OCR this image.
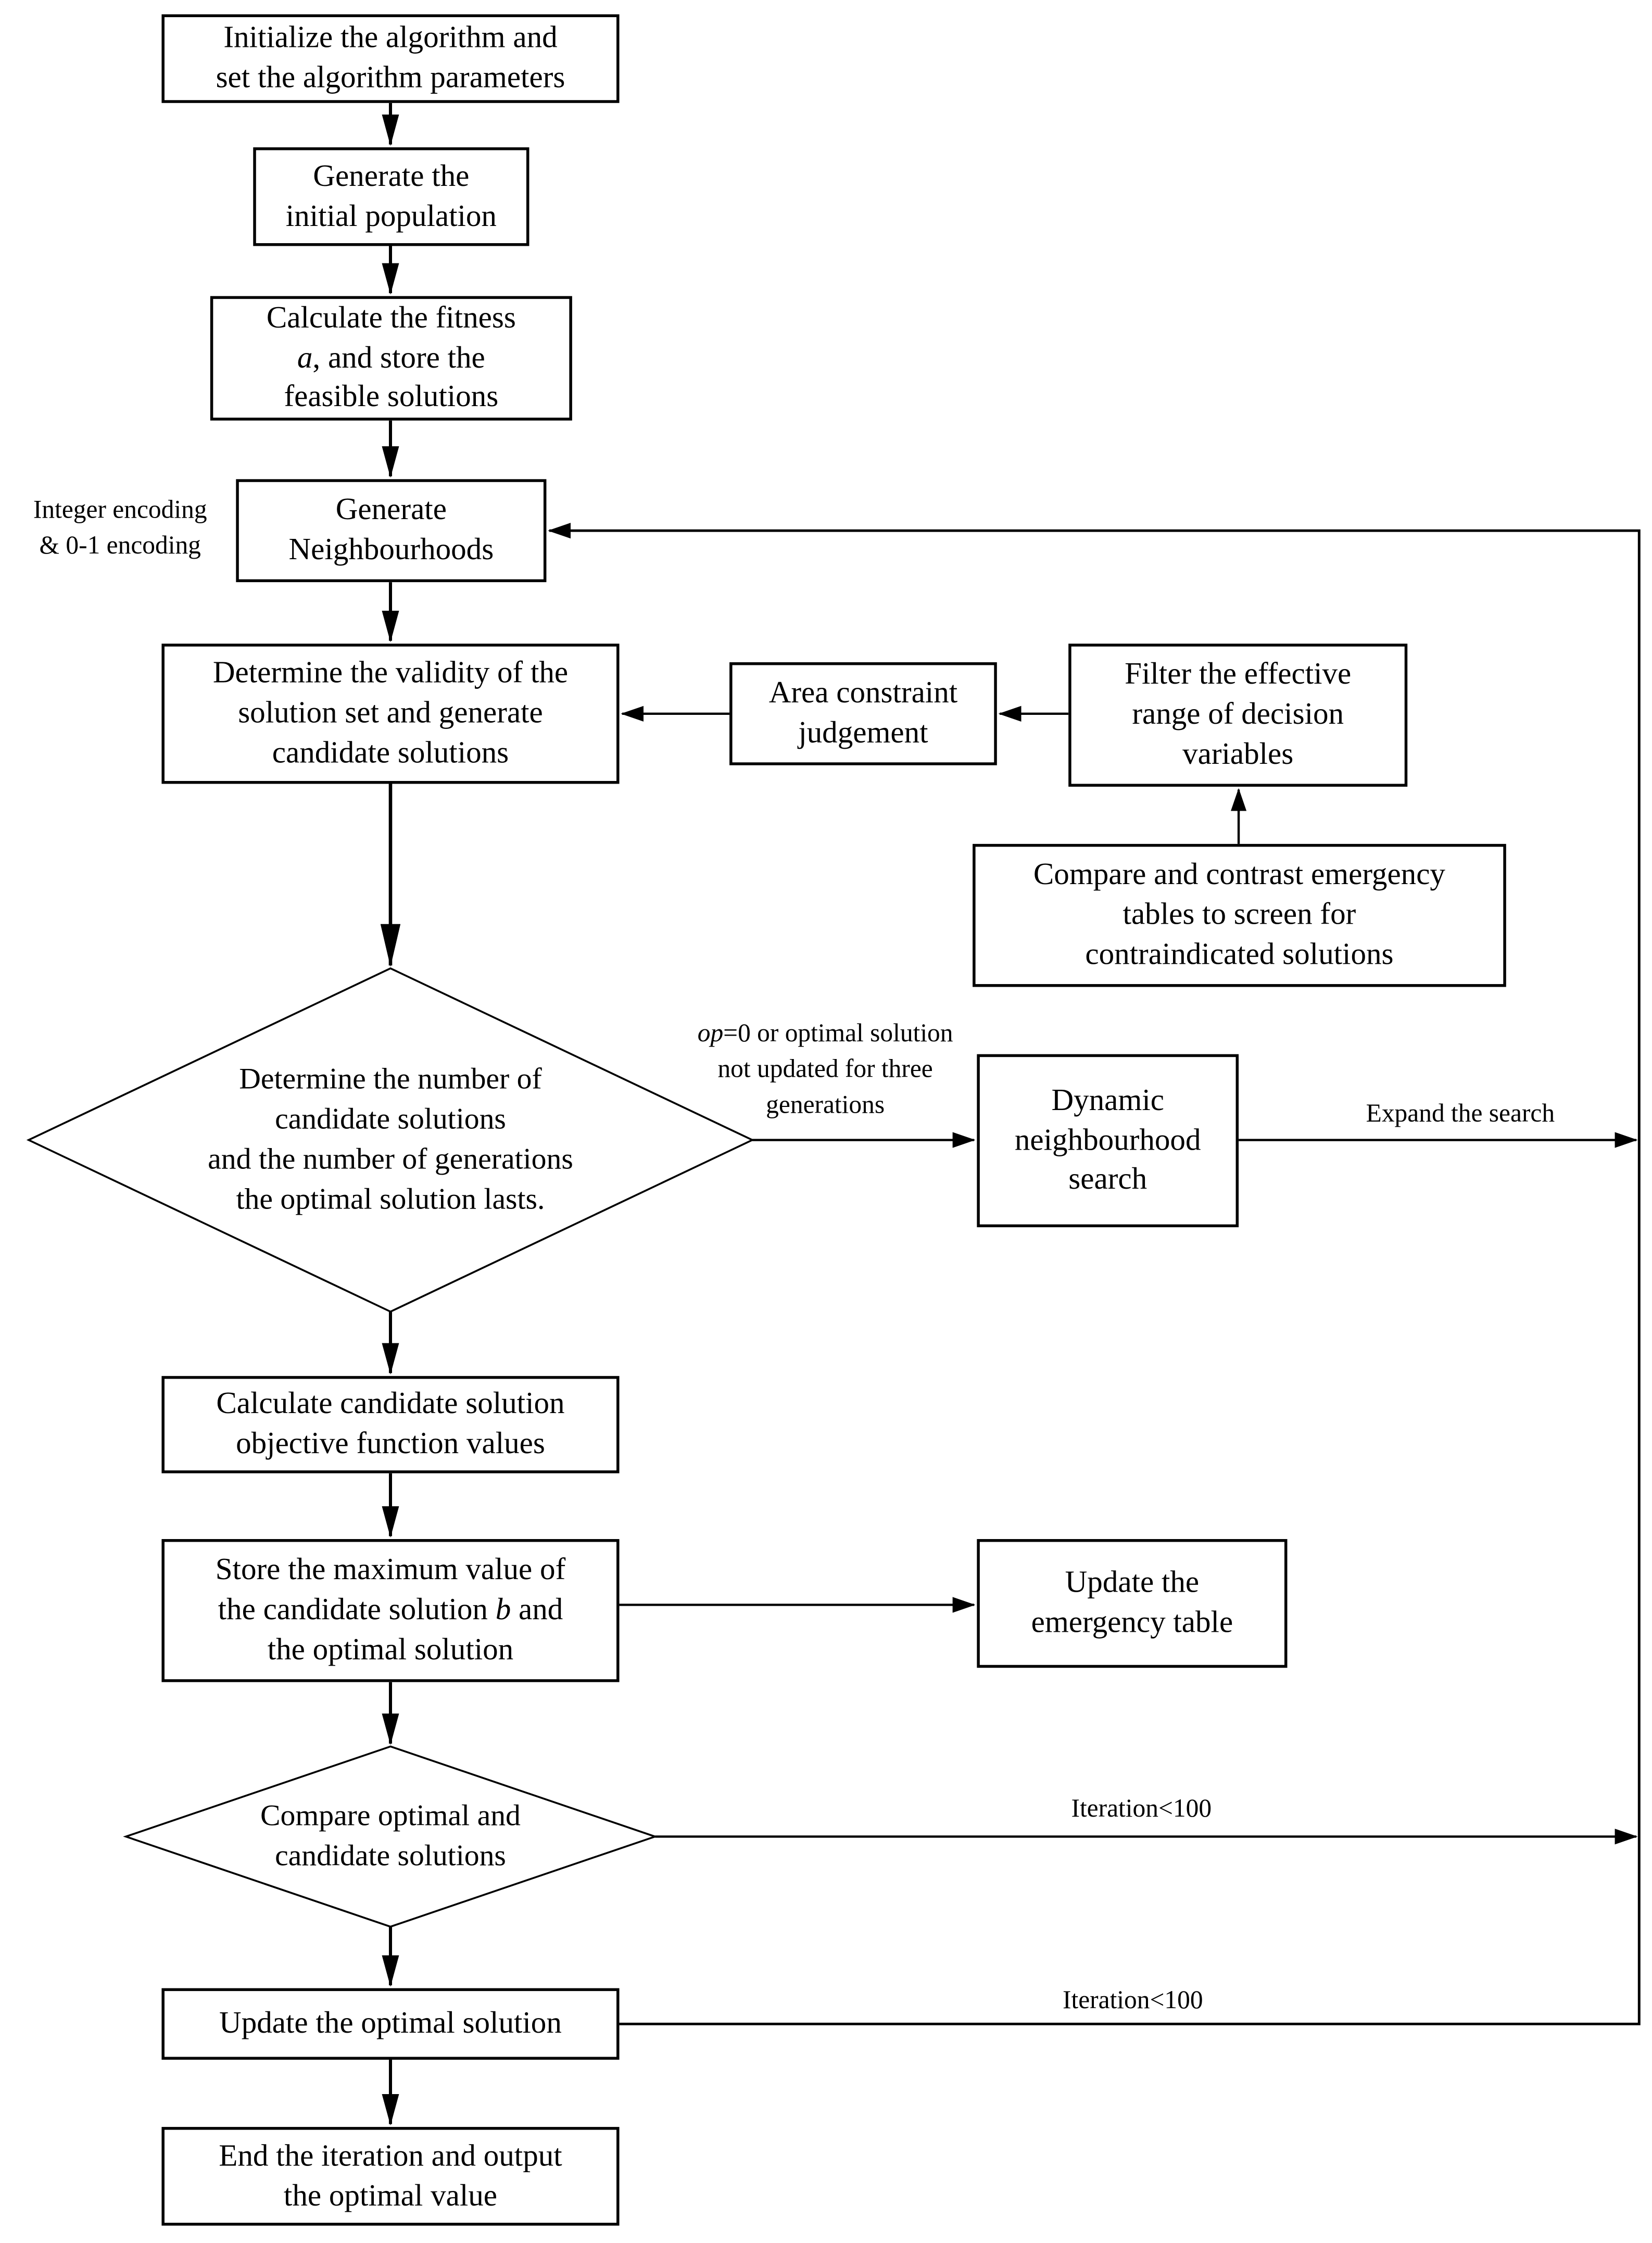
Initialize the algorithm and
set the algorithm parameters
Generate the
initial population
Calculate the fitness
a, and store the
feasible solutions
Generate
Neighbourhoods
Determine the validity of the
solution set and generate
candidate solutions
Area constraint
judgement
Filter the effective
range of decision
variables
Compare and contrast emergency
tables to screen for
contraindicated solutions
Determine the number of
candidate solutions
and the number of generations
the optimal solution lasts.
Dynamic
neighbourhood
search
Calculate candidate solution
objective function values
Store the maximum value of
the candidate solution b and
the optimal solution
Update the
emergency table
Compare optimal and
candidate solutions
Update the optimal solution
End the iteration and output
the optimal value
Integer encoding
& 0-1 encoding
op=0 or optimal solution
not updated for three
generations	Expand the search
Iteration<100
Iteration<100
